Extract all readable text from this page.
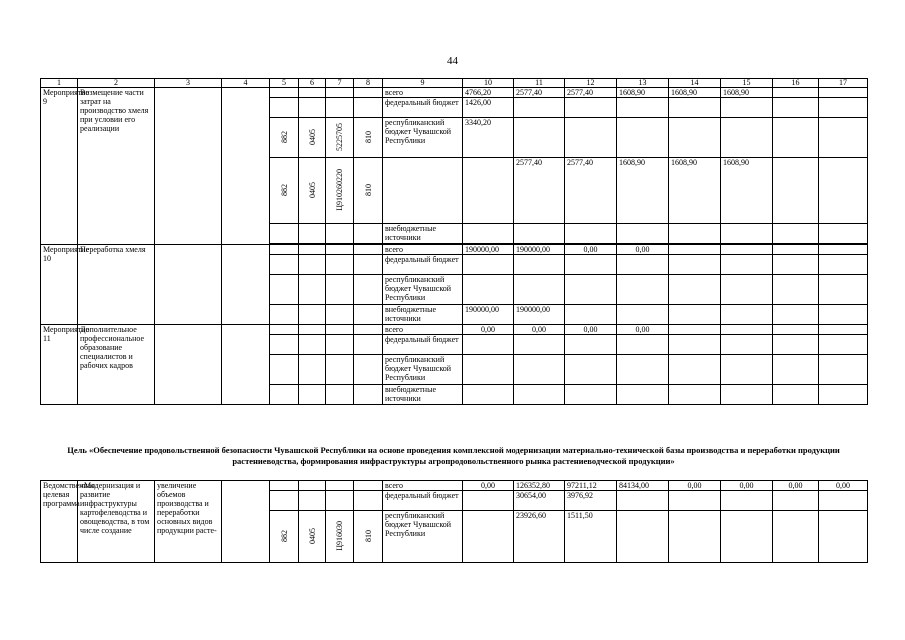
44
1	2	3	4	5	6	7	8	9	10	11	12	13	14	15	16	17
Мероприятие 9	Возмещение части затрат на производство хмеля при условии его реализации							всего	4766,20	2577,40	2577,40	1608,90	1608,90	1608,90		
								федеральный бюджет	1426,00							
				882	0405	5225705	810	республиканский бюджет Чувашской Республики	3340,20							
				882	0405	Ц910260220	810			2577,40	2577,40	1608,90	1608,90	1608,90		
								внебюджетные источники								

Мероприятие 10	Переработка хмеля							всего	190000,00	190000,00	0,00	0,00				
								федеральный бюджет								
								республиканский бюджет Чувашской Республики								
								внебюджетные источники	190000,00	190000,00						
Мероприятие 11	Дополнительное профессиональное образование специалистов и рабочих кадров							всего	0,00	0,00	0,00	0,00				
								федеральный бюджет								
								республиканский бюджет Чувашской Республики								
								внебюджетные источники								
Цель «Обеспечение продовольственной безопасности Чувашской Республики на основе проведения комплексной модернизации материально-технической базы производства и переработки продукции растениеводства, формирования инфраструктуры агропродовольственного рынка растениеводческой продукции»
Ведомственная целевая программа	«Модернизация и развитие инфраструктуры картофелеводства и овощеводства, в том числе создание	увеличение объемов производства и переработки основных видов продукции расте-						всего	0,00	126352,80	97211,12	84134,00	0,00	0,00	0,00	0,00
								федеральный бюджет		30654,00	3976,92					
				882	0405	Ц916030	810	республиканский бюджет Чувашской Республики		23926,60	1511,50					
